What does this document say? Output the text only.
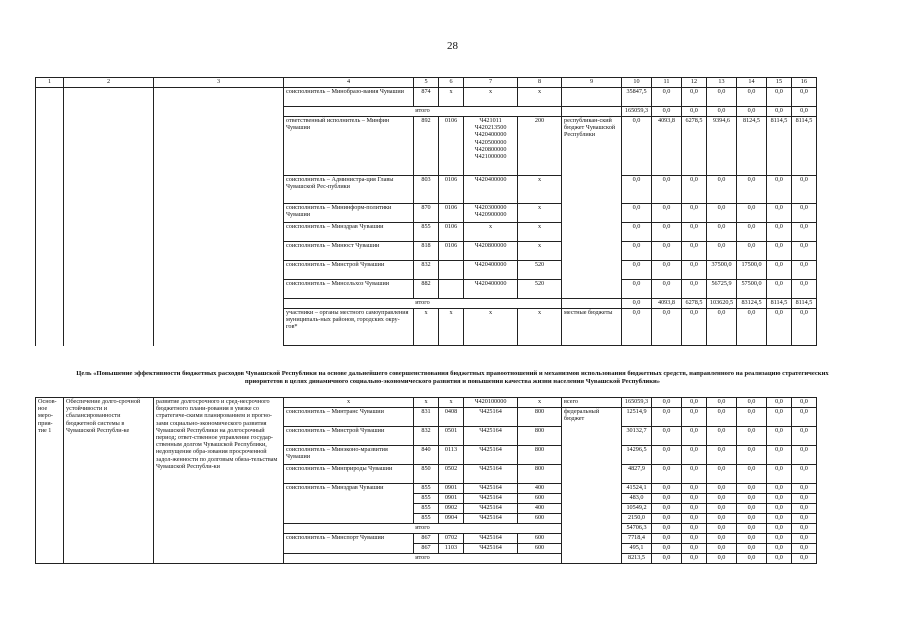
28
1	2	3	4	5	6	7	8	9	10	11	12	13	14	15	16
			соисполнитель – Минобразо-вания Чувашии	874	х	х	х		35847,5	0,0	0,0	0,0	0,0	0,0	0,0
			итого						165059,3	0,0	0,0	0,0	0,0	0,0	0,0
			ответственный исполнитель – Минфин Чувашии	892	0106	Ч421011 Ч420213500 Ч420400000 Ч420500000 Ч420800000 Ч421000000	200	республикан-ский бюджет Чувашской Республики	0,0	4093,8	6278,5	9394,6	8124,5	8114,5	8114,5
			соисполнитель – Администра-ция Главы Чувашской Рес-публики	803	0106	Ч420400000	х		0,0	0,0	0,0	0,0	0,0	0,0	0,0
			соисполнитель – Мининформ-политики Чувашии	870	0106	Ч420300000 Ч420900000	х		0,0	0,0	0,0	0,0	0,0	0,0	0,0
			соисполнитель – Минздрав Чувашии	855	0106	х	х		0,0	0,0	0,0	0,0	0,0	0,0	0,0
			соисполнитель – Минюст Чувашии	818	0106	Ч420800000	х		0,0	0,0	0,0	0,0	0,0	0,0	0,0
			соисполнитель – Минстрой Чувашии	832		Ч420400000	520		0,0	0,0	0,0	37500,0	17500,0	0,0	0,0
			соисполнитель – Минсельхоз Чувашии	882		Ч420400000	520		0,0	0,0	0,0	56725,9	57500,0	0,0	0,0
			итого						0,0	4093,8	6278,5	103620,5	83124,5	8114,5	8114,5
			участники – органы местного самоуправления муниципаль-ных районов, городских окру-гов*	х	х	х	х	местные бюджеты	0,0	0,0	0,0	0,0	0,0	0,0	0,0
Цель «Повышение эффективности бюджетных расходов Чувашской Республики на основе дальнейшего совершенствования бюджетных правоотношений и механизмов использования бюджетных средств, направленного на реализацию стратегических приоритетов в целях динамичного социально-экономического развития и повышения качества жизни населения Чувашской Республики»
Основ-ное меро-прия-тие 1	Обеспечение долго-срочной устойчивости и сбалансированности бюджетной системы в Чувашской Республи-ке	развитие долгосрочного и сред-несрочного бюджетного плани-рования в увязке со стратегиче-скими планированием и прогно-зами социально-экономического развития Чувашской Республики на долгосрочный период; ответ-ственное управление государ-ственным долгом Чувашской Республики, недопущение обра-зования просроченной задол-женности по долговым обяза-тельствам Чувашской Республи-ки	х	х	х	Ч420100000	х	всего	165059,3	0,0	0,0	0,0	0,0	0,0	0,0
			соисполнитель – Минтранс Чувашии	831	0408	Ч425164	800	федеральный бюджет	12514,9	0,0	0,0	0,0	0,0	0,0	0,0
			соисполнитель – Минстрой Чувашии	832	0501	Ч425164	800		30132,7	0,0	0,0	0,0	0,0	0,0	0,0
			соисполнитель – Минэконо-мразвития Чувашии	840	0113	Ч425164	800		14296,5	0,0	0,0	0,0	0,0	0,0	0,0
			соисполнитель – Минприроды Чувашии	850	0502	Ч425164	800		4827,9	0,0	0,0	0,0	0,0	0,0	0,0
			соисполнитель – Минздрав Чувашии	855	0901	Ч425164	400		41524,1	0,0	0,0	0,0	0,0	0,0	0,0
				855	0901	Ч425164	600		483,0	0,0	0,0	0,0	0,0	0,0	0,0
				855	0902	Ч425164	400		10549,2	0,0	0,0	0,0	0,0	0,0	0,0
				855	0904	Ч425164	600		2150,0	0,0	0,0	0,0	0,0	0,0	0,0
			итого						54706,3	0,0	0,0	0,0	0,0	0,0	0,0
			соисполнитель – Минспорт Чувашии	867	0702	Ч425164	600		7718,4	0,0	0,0	0,0	0,0	0,0	0,0
				867	1103	Ч425164	600		495,1	0,0	0,0	0,0	0,0	0,0	0,0
			итого						8213,5	0,0	0,0	0,0	0,0	0,0	0,0
